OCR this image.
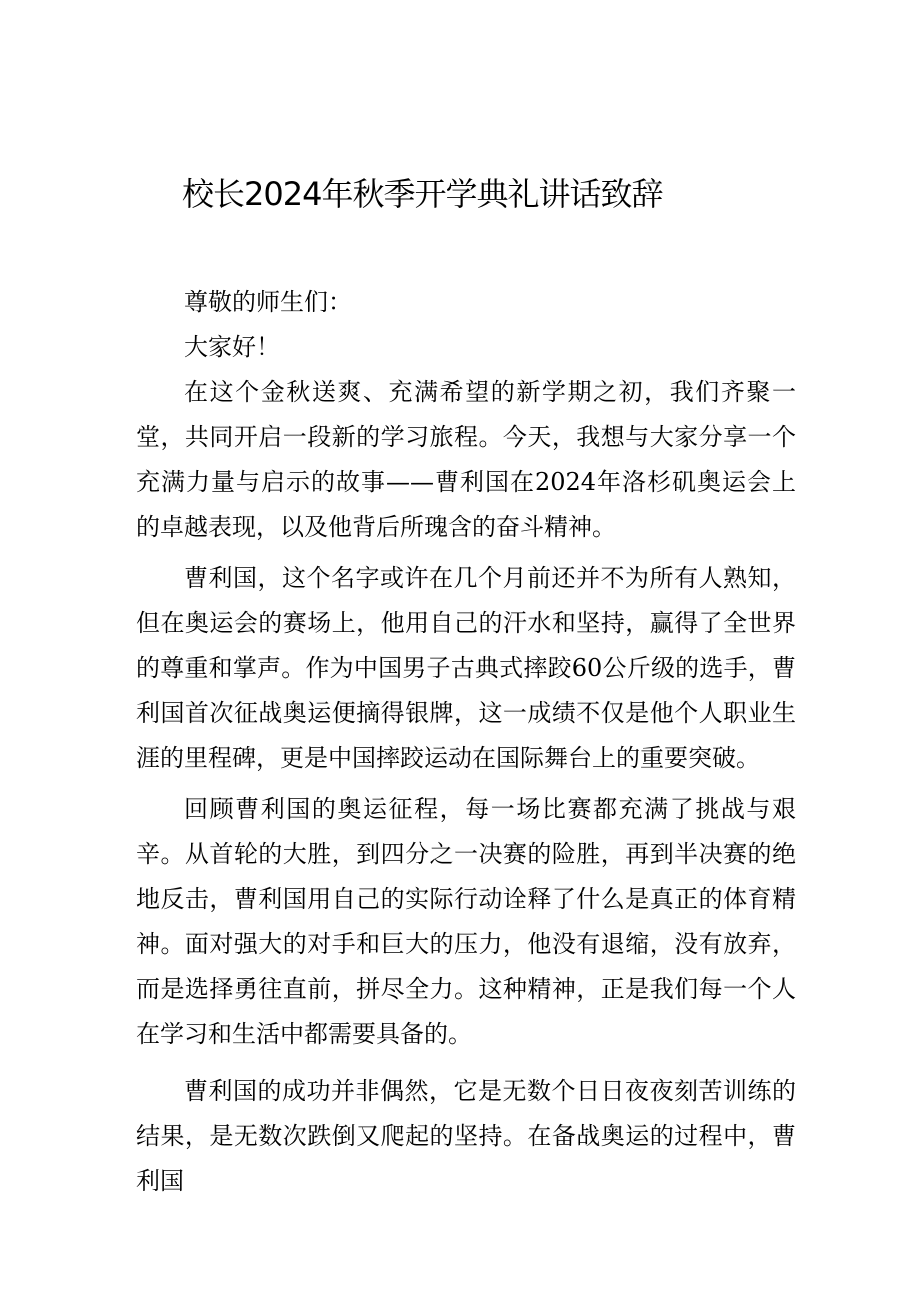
校长2024年秋季开学典礼讲话致辞

尊敬的师生们：

大家好！

在这个金秋送爽、充满希望的新学期之初，我们齐聚一堂，共同开启一段新的学习旅程。今天，我想与大家分享一个充满力量与启示的故事——曹利国在2024年洛杉矶奥运会上的卓越表现，以及他背后所瑰含的奋斗精神。

曹利国，这个名字或许在几个月前还并不为所有人熟知，但在奥运会的赛场上，他用自己的汗水和坚持，赢得了全世界的尊重和掌声。作为中国男子古典式摔跤60公斤级的选手，曹利国首次征战奥运便摘得银牌，这一成绩不仅是他个人职业生涯的里程碑，更是中国摔跤运动在国际舞台上的重要突破。

回顾曹利国的奥运征程，每一场比赛都充满了挑战与艰辛。从首轮的大胜，到四分之一决赛的险胜，再到半决赛的绝地反击，曹利国用自己的实际行动诠释了什么是真正的体育精神。面对强大的对手和巨大的压力，他没有退缩，没有放弃，而是选择勇往直前，拼尽全力。这种精神，正是我们每一个人在学习和生活中都需要具备的。

曹利国的成功并非偶然，它是无数个日日夜夜刻苦训练的结果，是无数次跌倒又爬起的坚持。在备战奥运的过程中，曹利国
